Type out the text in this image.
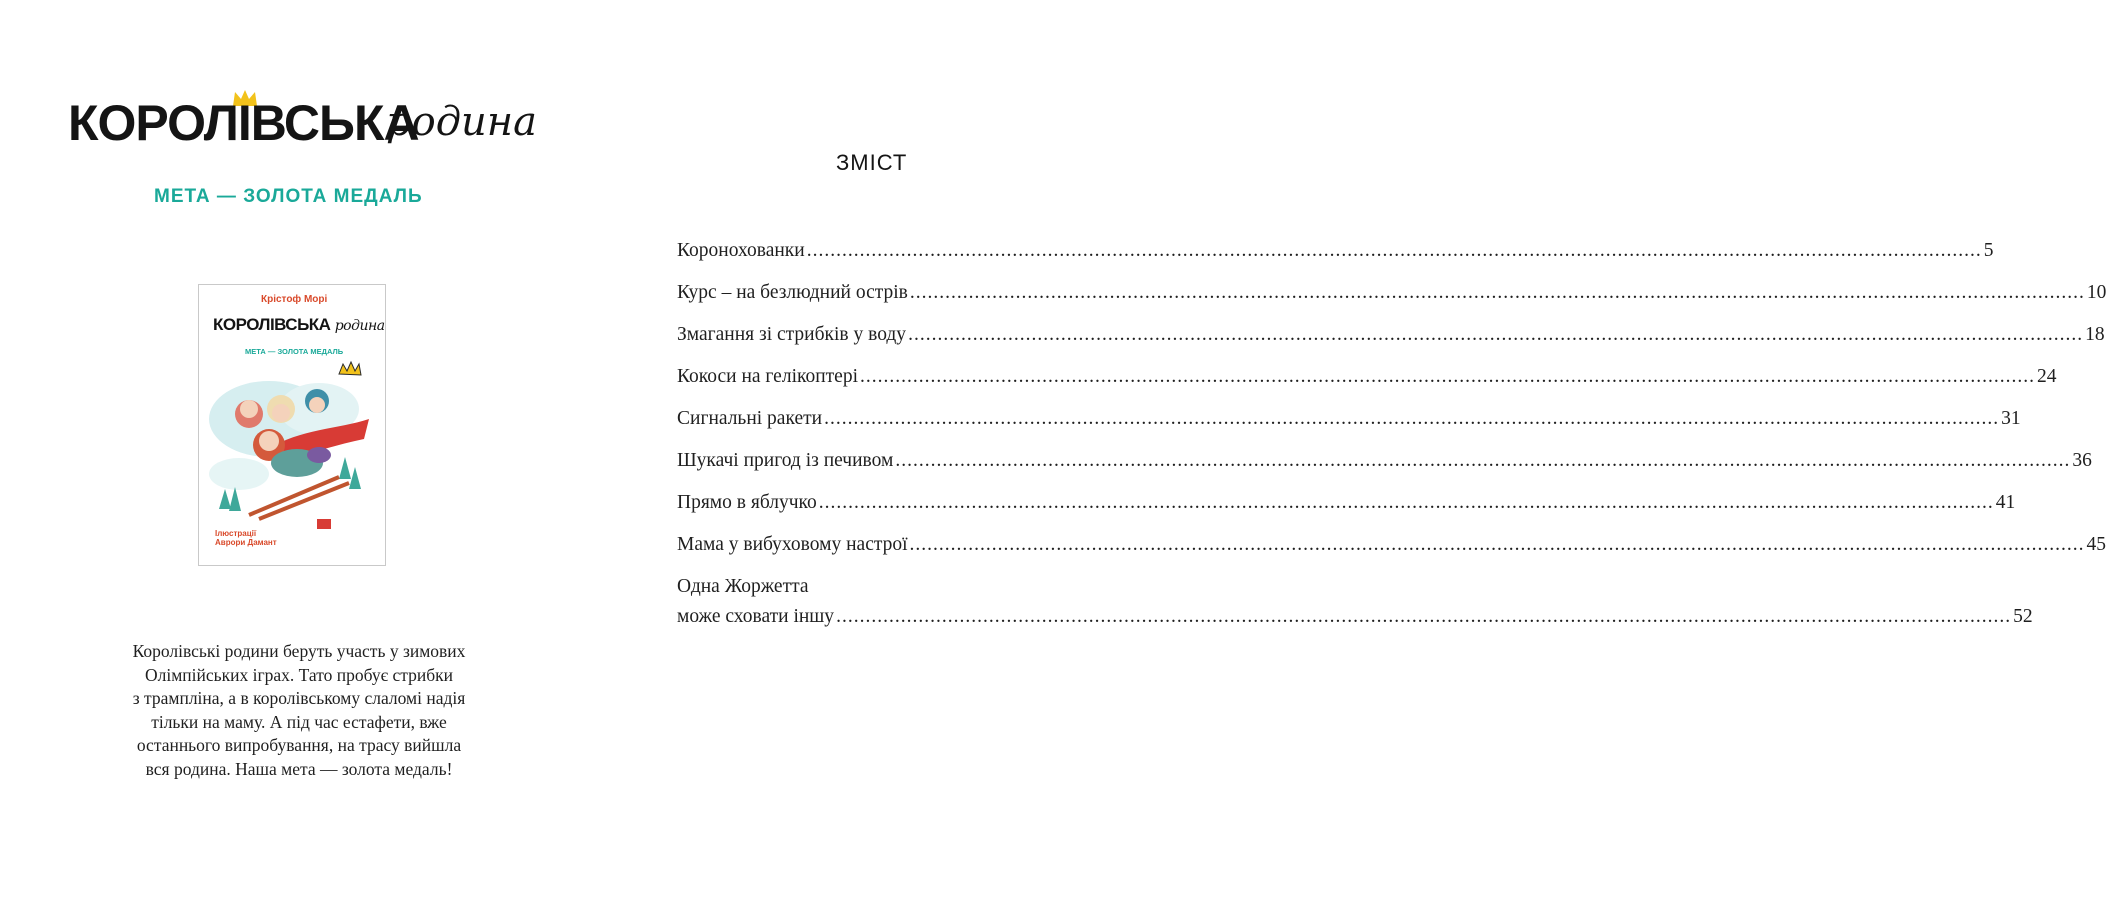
КОРОЛІВСЬКА
родина
МЕТА — ЗОЛОТА МЕДАЛЬ
Крістоф Морі
КОРОЛІВСЬКА родина
МЕТА — ЗОЛОТА МЕДАЛЬ
Ілюстрації
Аврори Дамант

Королівські родини беруть участь у зимових

Олімпійських іграх. Тато пробує стрибки

з трампліна, а в королівському слаломі надія

тільки на маму. А під час естафети, вже

останнього випробування, на трасу вийшла

вся родина. Наша мета — золота медаль!

ЗМІСТ
Коронохованки ........................................................................................................................................................................................................ 5
Курс – на безлюдний острів ........................................................................................................................................................................................................ 10
Змагання зі стрибків у воду ........................................................................................................................................................................................................ 18
Кокоси на гелікоптері ........................................................................................................................................................................................................ 24
Сигнальні ракети ........................................................................................................................................................................................................ 31
Шукачі пригод із печивом ........................................................................................................................................................................................................ 36
Прямо в яблучко ........................................................................................................................................................................................................ 41
Мама у вибуховому настрої ........................................................................................................................................................................................................ 45
Одна Жоржетта
може сховати іншу ........................................................................................................................................................................................................ 52
